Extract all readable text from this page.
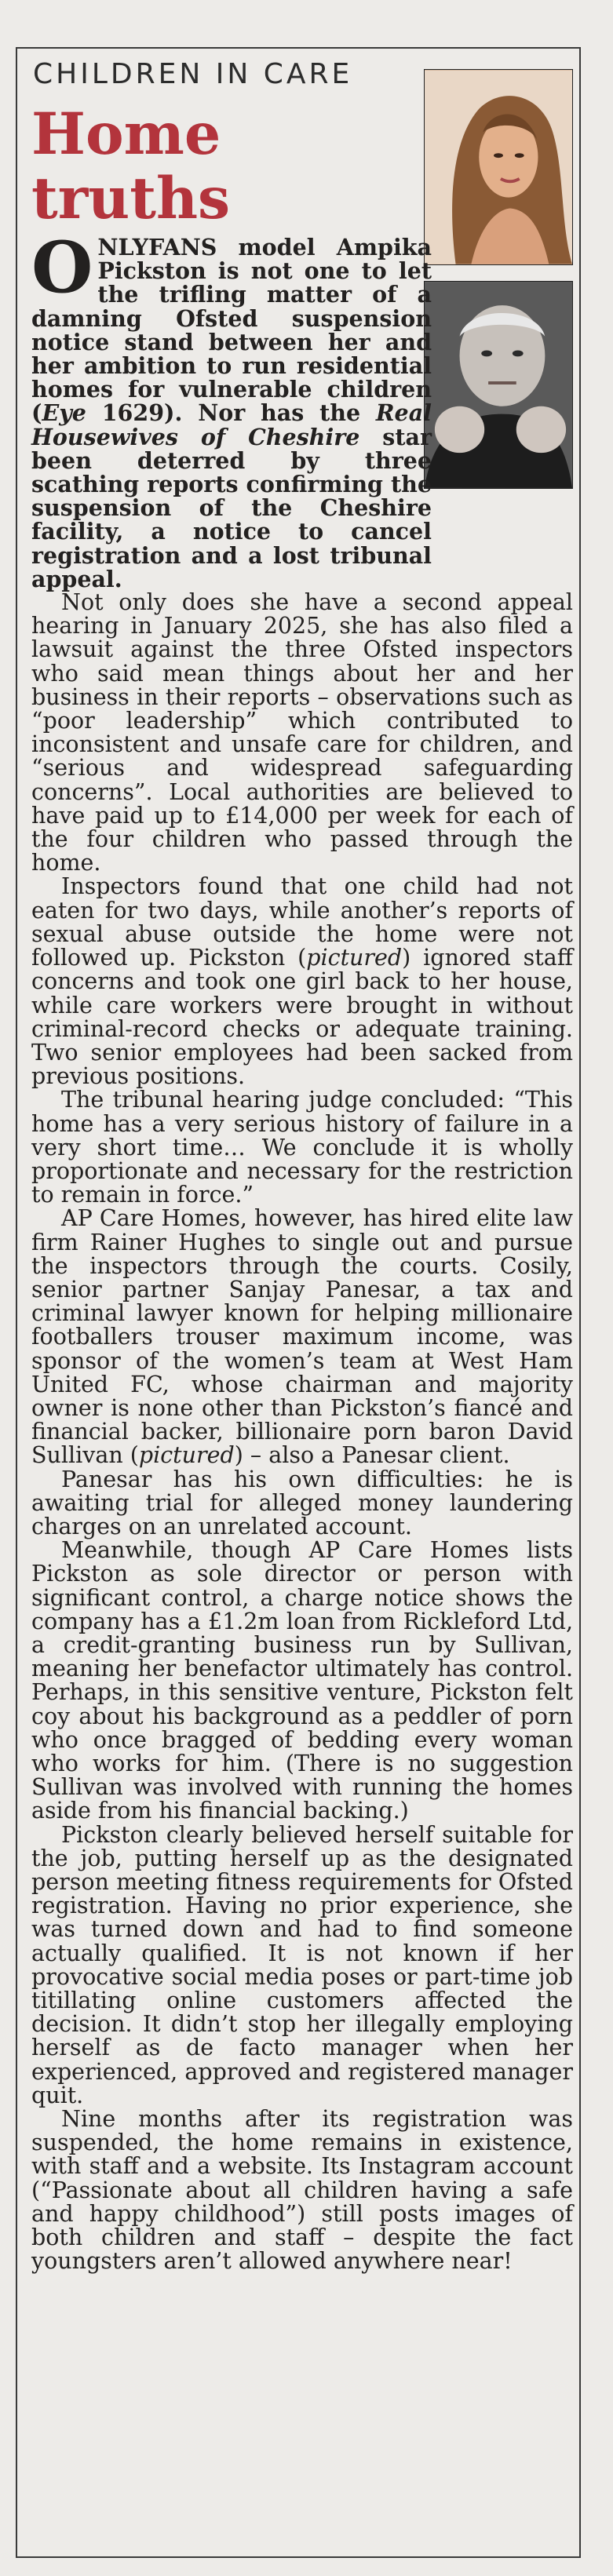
CHILDREN IN CARE
Home
truths

ONLYFANS model Ampika Pickston is not one to let the trifling matter of a damning Ofsted suspension notice stand between her and her ambition to run residential homes for vulnerable children (Eye 1629). Nor has the Real Housewives of Cheshire star been deterred by three scathing reports confirming the suspension of the Cheshire facility, a notice to cancel registration and a lost tribunal appeal.

Not only does she have a second appeal hearing in January 2025, she has also filed a lawsuit against the three Ofsted inspectors who said mean things about her and her business in their reports – observations such as “poor leadership” which contributed to inconsistent and unsafe care for children, and “serious and widespread safeguarding concerns”. Local authorities are believed to have paid up to £14,000 per week for each of the four children who passed through the home.

Inspectors found that one child had not eaten for two days, while another’s reports of sexual abuse outside the home were not followed up. Pickston (pictured) ignored staff concerns and took one girl back to her house, while care workers were brought in without criminal-record checks or adequate training. Two senior employees had been sacked from previous positions.

The tribunal hearing judge concluded: “This home has a very serious history of failure in a very short time… We conclude it is wholly proportionate and necessary for the restriction to remain in force.”

AP Care Homes, however, has hired elite law firm Rainer Hughes to single out and pursue the inspectors through the courts. Cosily, senior partner Sanjay Panesar, a tax and criminal lawyer known for helping millionaire footballers trouser maximum income, was sponsor of the women’s team at West Ham United FC, whose chairman and majority owner is none other than Pickston’s fiancé and financial backer, billionaire porn baron David Sullivan (pictured) – also a Panesar client.

Panesar has his own difficulties: he is awaiting trial for alleged money laundering charges on an unrelated account.

Meanwhile, though AP Care Homes lists Pickston as sole director or person with significant control, a charge notice shows the company has a £1.2m loan from Rickleford Ltd, a credit-granting business run by Sullivan, meaning her benefactor ultimately has control. Perhaps, in this sensitive venture, Pickston felt coy about his background as a peddler of porn who once bragged of bedding every woman who works for him. (There is no suggestion Sullivan was involved with running the homes aside from his financial backing.)

Pickston clearly believed herself suitable for the job, putting herself up as the designated person meeting fitness requirements for Ofsted registration. Having no prior experience, she was turned down and had to find someone actually qualified. It is not known if her provocative social media poses or part-time job titillating online customers affected the decision. It didn’t stop her illegally employing herself as de facto manager when her experienced, approved and registered manager quit.

Nine months after its registration was suspended, the home remains in existence, with staff and a website. Its Instagram account (“Passionate about all children having a safe and happy childhood”) still posts images of both children and staff – despite the fact youngsters aren’t allowed anywhere near!
